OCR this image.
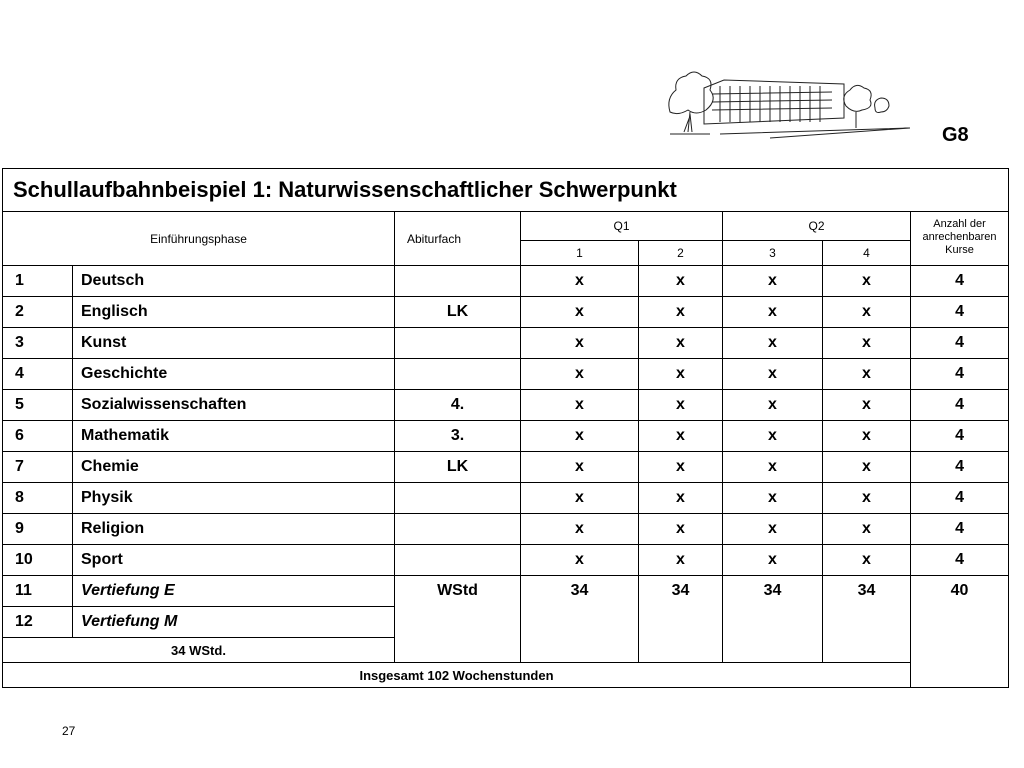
G8
Schullaufbahnbeispiel 1: Naturwissenschaftlicher Schwerpunkt							
Einführungsphase		Abiturfach	Q1		Q2		Anzahl der anrechenbaren Kurse
			1	2	3	4	
1	Deutsch		x	x	x	x	4
2	Englisch	LK	x	x	x	x	4
3	Kunst		x	x	x	x	4
4	Geschichte		x	x	x	x	4
5	Sozialwissenschaften	4.	x	x	x	x	4
6	Mathematik	3.	x	x	x	x	4
7	Chemie	LK	x	x	x	x	4
8	Physik		x	x	x	x	4
9	Religion		x	x	x	x	4
10	Sport		x	x	x	x	4
11	Vertiefung E	WStd	34	34	34	34	40
12	Vertiefung M						
34 WStd.							
Insgesamt 102 Wochenstunden							
27
